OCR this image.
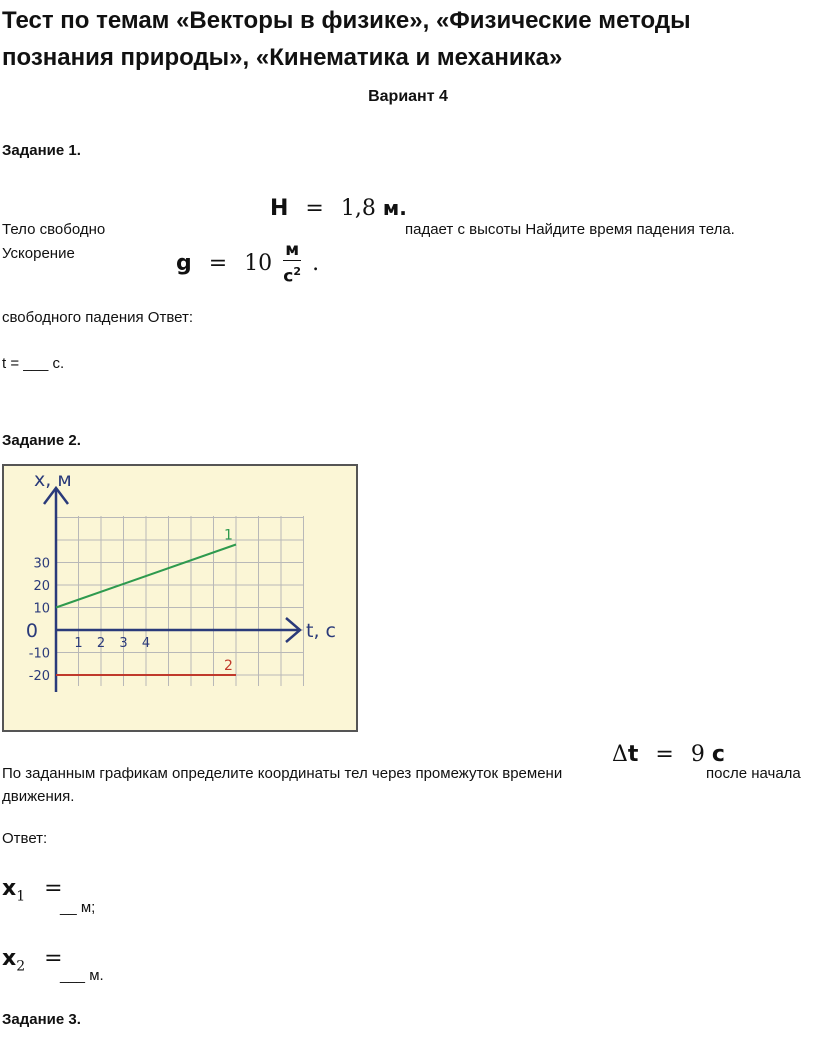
Тест по темам «Векторы в физике», «Физические методы познания природы», «Кинематика и механика»
Вариант 4
Задание 1.
H = 1,8 м.
Тело свободно	падает с высоты Найдите время падения тела.
Ускорение	$g = 10 \frac{м}{с^2}$ .
свободного падения Ответ:
t = ___ с.
Задание 2.
1
2
x, м
t, с
30
20
10
0
-10
-20
1 2 3 4
Δt = 9 с
По заданным графикам определите координаты тел через промежуток времени	после начала
движения.
Ответ:
$x_1$ =
__ м;
$x_2$ =
___ м.
Задание 3.
